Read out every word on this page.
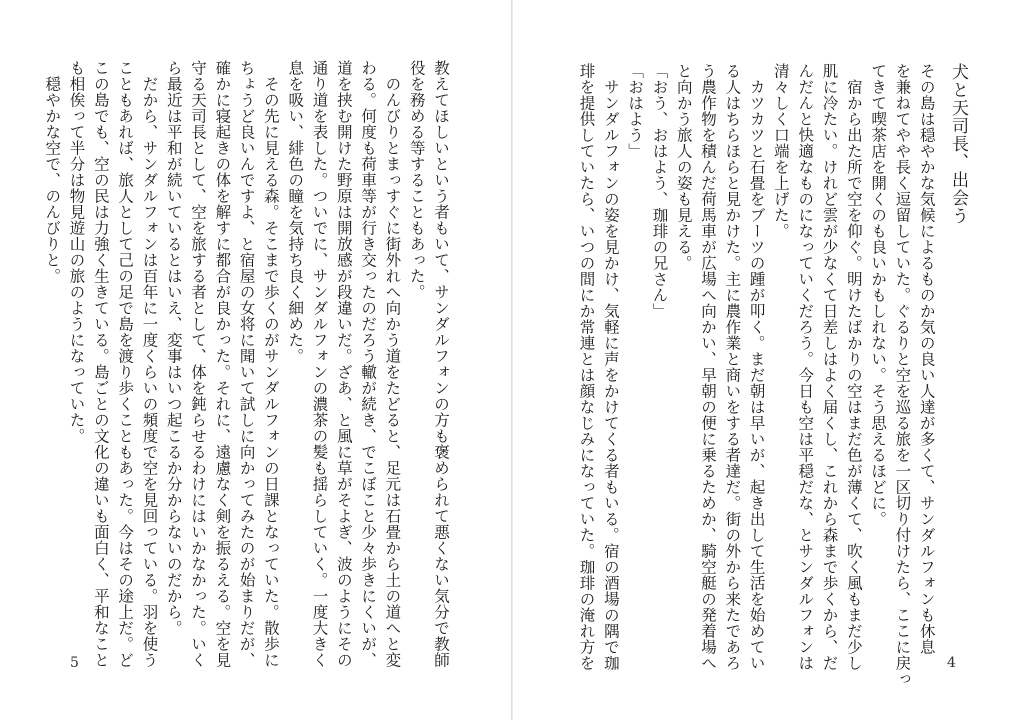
教えてほしいという者もいて、サンダルフォンの方も褒められて悪くない気分で教師
役を務める等することもあった。
　のんびりとまっすぐに街外れへ向かう道をたどると、足元は石畳から土の道へと変
わる。何度も荷車等が行き交ったのだろう轍が続き、でこぼこと少々歩きにくいが、
道を挟む開けた野原は開放感が段違いだ。ざあ、と風に草がそよぎ、波のようにその
通り道を表した。ついでに、サンダルフォンの濃茶の髪も揺らしていく。一度大きく
息を吸い、緋色の瞳を気持ち良く細めた。
　その先に見える森。そこまで歩くのがサンダルフォンの日課となっていた。散歩に
ちょうど良いんですよ、と宿屋の女将に聞いて試しに向かってみたのが始まりだが、
確かに寝起きの体を解すに都合が良かった。それに、遠慮なく剣を振るえる。空を見
守る天司長として、空を旅する者として、体を鈍らせるわけにはいかなかった。いく
ら最近は平和が続いているとはいえ、変事はいつ起こるか分からないのだから。
　だから、サンダルフォンは百年に一度くらいの頻度で空を見回っている。羽を使う
こともあれば、旅人として己の足で島を渡り歩くこともあった。今はその途上だ。ど
この島でも、空の民は力強く生きている。島ごとの文化の違いも面白く、平和なこと
も相俟って半分は物見遊山の旅のようになっていた。
　穏やかな空で、のんびりと。
5
犬と天司長、出会う
その島は穏やかな気候によるものか気の良い人達が多くて、サンダルフォンも休息
を兼ねてやや長く逗留していた。ぐるりと空を巡る旅を一区切り付けたら、ここに戻っ
てきて喫茶店を開くのも良いかもしれない。そう思えるほどに。
　宿から出た所で空を仰ぐ。明けたばかりの空はまだ色が薄くて、吹く風もまだ少し
肌に冷たい。けれど雲が少なくて日差しはよく届くし、これから森まで歩くから、だ
んだんと快適なものになっていくだろう。今日も空は平穏だな、とサンダルフォンは
清々しく口端を上げた。
　カツカツと石畳をブーツの踵が叩く。まだ朝は早いが、起き出して生活を始めてい
る人はちらほらと見かけた。主に農作業と商いをする者達だ。街の外から来たであろ
う農作物を積んだ荷馬車が広場へ向かい、早朝の便に乗るためか、騎空艇の発着場へ
と向かう旅人の姿も見える。
「おう、おはよう、珈琲の兄さん」
「おはよう」
　サンダルフォンの姿を見かけ、気軽に声をかけてくる者もいる。宿の酒場の隅で珈
琲を提供していたら、いつの間にか常連とは顔なじみになっていた。珈琲の淹れ方を	4
